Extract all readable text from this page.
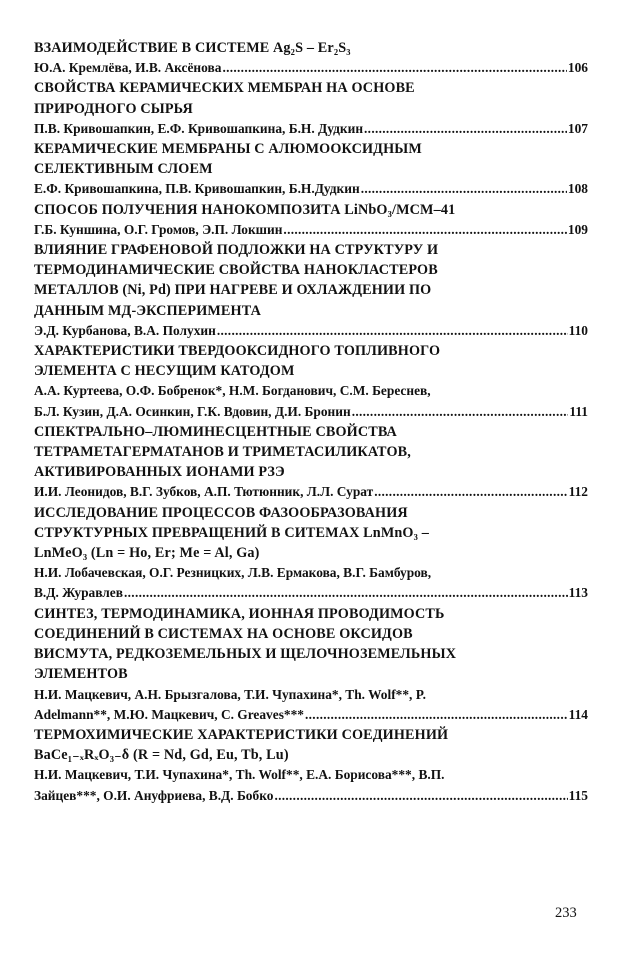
ВЗАИМОДЕЙСТВИЕ В СИСТЕМЕ Ag₂S – Er₂S₃
Ю.А. Кремлёва, И.В. Аксёнова .....	106
СВОЙСТВА КЕРАМИЧЕСКИХ МЕМБРАН НА ОСНОВЕ
ПРИРОДНОГО СЫРЬЯ
П.В. Кривошапкин, Е.Ф. Кривошапкина, Б.Н. Дудкин .....	107
КЕРАМИЧЕСКИЕ МЕМБРАНЫ С АЛЮМООКСИДНЫМ
СЕЛЕКТИВНЫМ СЛОЕМ
Е.Ф. Кривошапкина, П.В. Кривошапкин, Б.Н.Дудкин .....	108
СПОСОБ ПОЛУЧЕНИЯ НАНОКОМПОЗИТА LiNbO₃/MCM–41
Г.Б. Куншина, О.Г. Громов, Э.П. Локшин .....	109
ВЛИЯНИЕ ГРАФЕНОВОЙ ПОДЛОЖКИ НА СТРУКТУРУ И
ТЕРМОДИНАМИЧЕСКИЕ СВОЙСТВА НАНОКЛАСТЕРОВ
МЕТАЛЛОВ (Ni, Pd) ПРИ НАГРЕВЕ И ОХЛАЖДЕНИИ ПО
ДАННЫМ МД-ЭКСПЕРИМЕНТА
Э.Д. Курбанова, В.А. Полухин .....	110
ХАРАКТЕРИСТИКИ ТВЕРДООКСИДНОГО ТОПЛИВНОГО
ЭЛЕМЕНТА С НЕСУЩИМ КАТОДОМ
А.А. Куртеева, О.Ф. Бобренок*, Н.М. Богданович, С.М. Береснев,
Б.Л. Кузин, Д.А. Осинкин, Г.К. Вдовин, Д.И. Бронин .....	111
СПЕКТРАЛЬНО–ЛЮМИНЕСЦЕНТНЫЕ СВОЙСТВА
ТЕТРАМЕТАГЕРМАТАНОВ И ТРИМЕТАСИЛИКАТОВ,
АКТИВИРОВАННЫХ ИОНАМИ РЗЭ
И.И. Леонидов, В.Г. Зубков, А.П. Тютюнник, Л.Л. Сурат .....	112
ИССЛЕДОВАНИЕ ПРОЦЕССОВ ФАЗООБРАЗОВАНИЯ
СТРУКТУРНЫХ ПРЕВРАЩЕНИЙ В СИТЕМАХ LnMnO₃ –
LnMeO₃ (Ln = Ho, Er; Me = Al, Ga)
Н.И. Лобачевская, О.Г. Резницких, Л.В. Ермакова, В.Г. Бамбуров,
В.Д. Журавлев .....	113
СИНТЕЗ, ТЕРМОДИНАМИКА, ИОННАЯ ПРОВОДИМОСТЬ
СОЕДИНЕНИЙ В СИСТЕМАХ НА ОСНОВЕ ОКСИДОВ
ВИСМУТА, РЕДКОЗЕМЕЛЬНЫХ И ЩЕЛОЧНОЗЕМЕЛЬНЫХ
ЭЛЕМЕНТОВ
Н.И. Мацкевич, А.Н. Брызгалова, Т.И. Чупахина*, Th. Wolf**, P.
Adelmann**, М.Ю. Мацкевич, C. Greaves*** .....	114
ТЕРМОХИМИЧЕСКИЕ ХАРАКТЕРИСТИКИ СОЕДИНЕНИЙ
BaCe₁₋ₓRₓO₃₋δ (R = Nd, Gd, Eu, Tb, Lu)
Н.И. Мацкевич, Т.И. Чупахина*, Th. Wolf**, Е.А. Борисова***, В.П.
Зайцев***, О.И. Ануфриева, В.Д. Бобко .....	115
233
